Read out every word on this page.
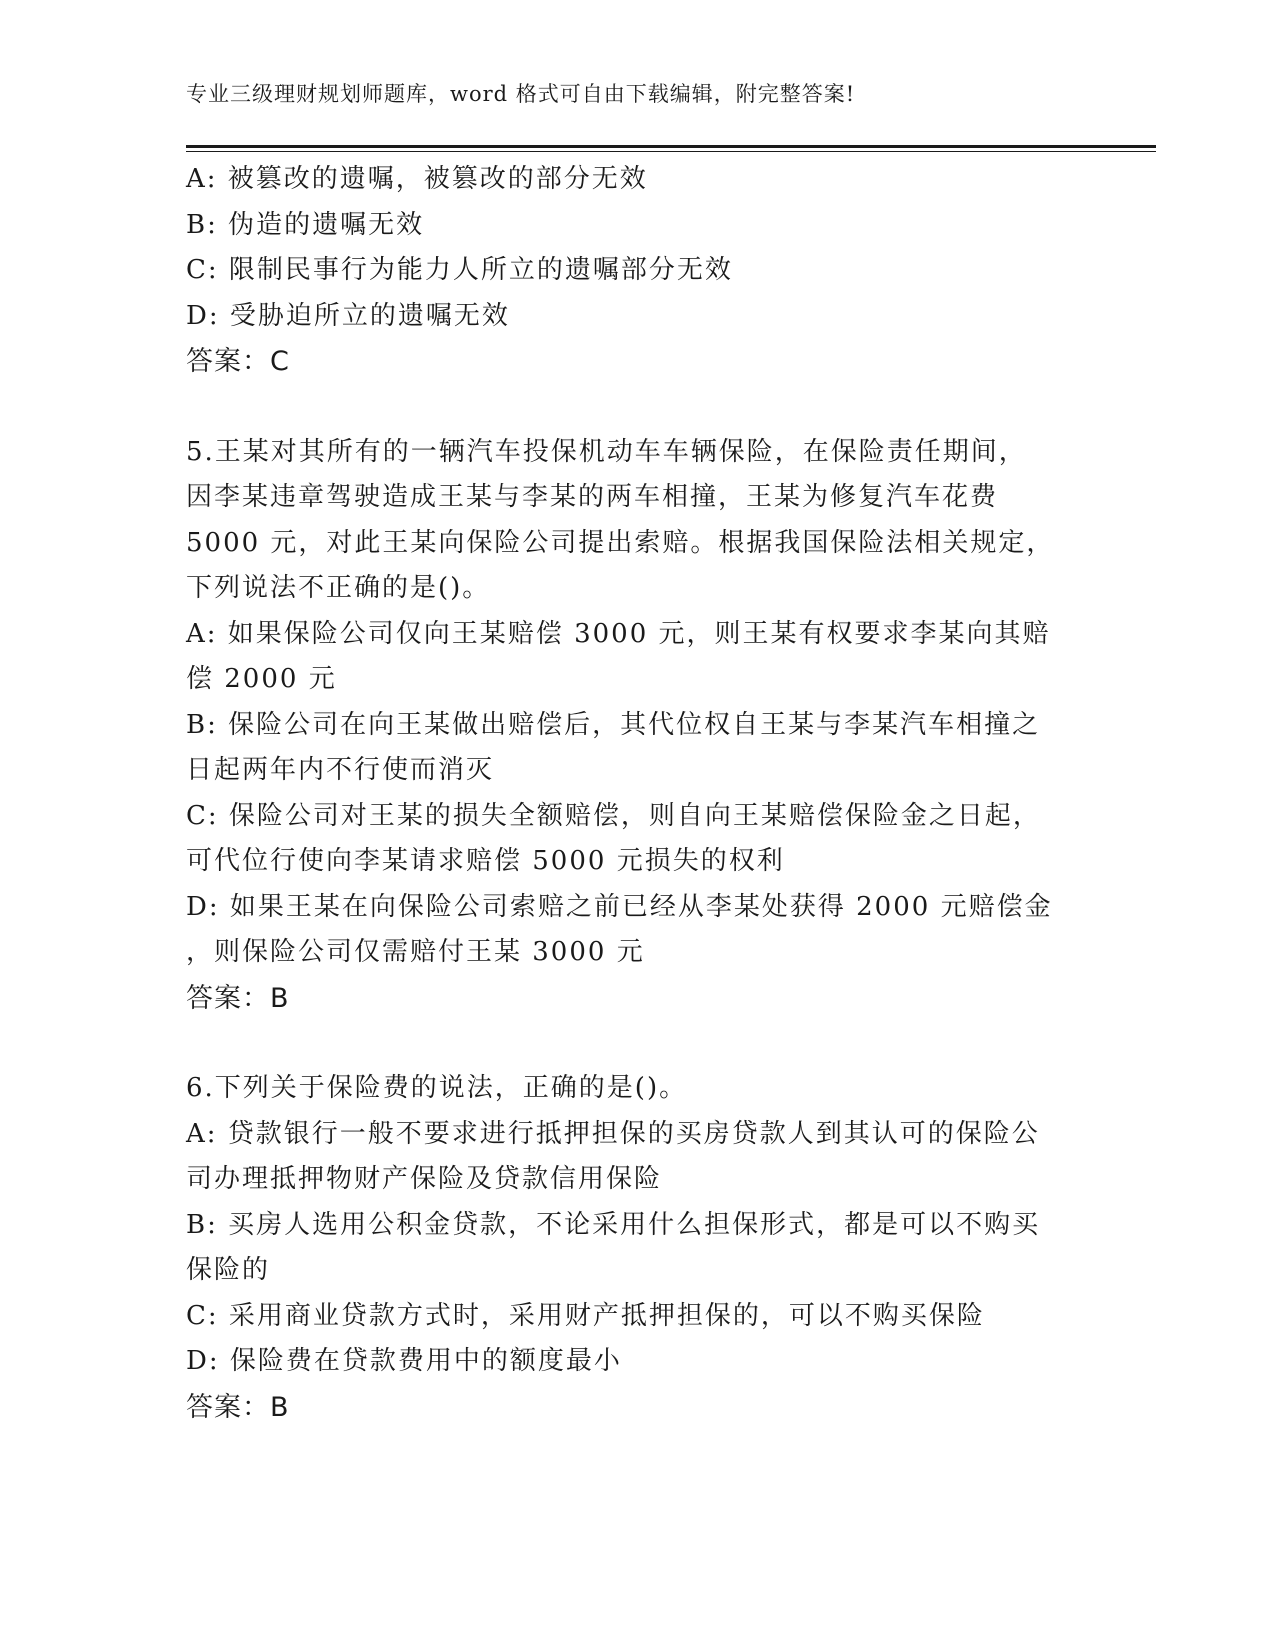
专业三级理财规划师题库，word 格式可自由下载编辑，附完整答案!
A: 被篡改的遗嘱，被篡改的部分无效
B: 伪造的遗嘱无效
C: 限制民事行为能力人所立的遗嘱部分无效
D: 受胁迫所立的遗嘱无效
答案：C
5.王某对其所有的一辆汽车投保机动车车辆保险，在保险责任期间，
因李某违章驾驶造成王某与李某的两车相撞，王某为修复汽车花费
5000 元，对此王某向保险公司提出索赔。根据我国保险法相关规定，
下列说法不正确的是()。
A: 如果保险公司仅向王某赔偿 3000 元，则王某有权要求李某向其赔
偿 2000 元
B: 保险公司在向王某做出赔偿后，其代位权自王某与李某汽车相撞之
日起两年内不行使而消灭
C: 保险公司对王某的损失全额赔偿，则自向王某赔偿保险金之日起，
可代位行使向李某请求赔偿 5000 元损失的权利
D: 如果王某在向保险公司索赔之前已经从李某处获得 2000 元赔偿金
，则保险公司仅需赔付王某 3000 元
答案：B
6.下列关于保险费的说法，正确的是()。
A: 贷款银行一般不要求进行抵押担保的买房贷款人到其认可的保险公
司办理抵押物财产保险及贷款信用保险
B: 买房人选用公积金贷款，不论采用什么担保形式，都是可以不购买
保险的
C: 采用商业贷款方式时，采用财产抵押担保的，可以不购买保险
D: 保险费在贷款费用中的额度最小
答案：B
